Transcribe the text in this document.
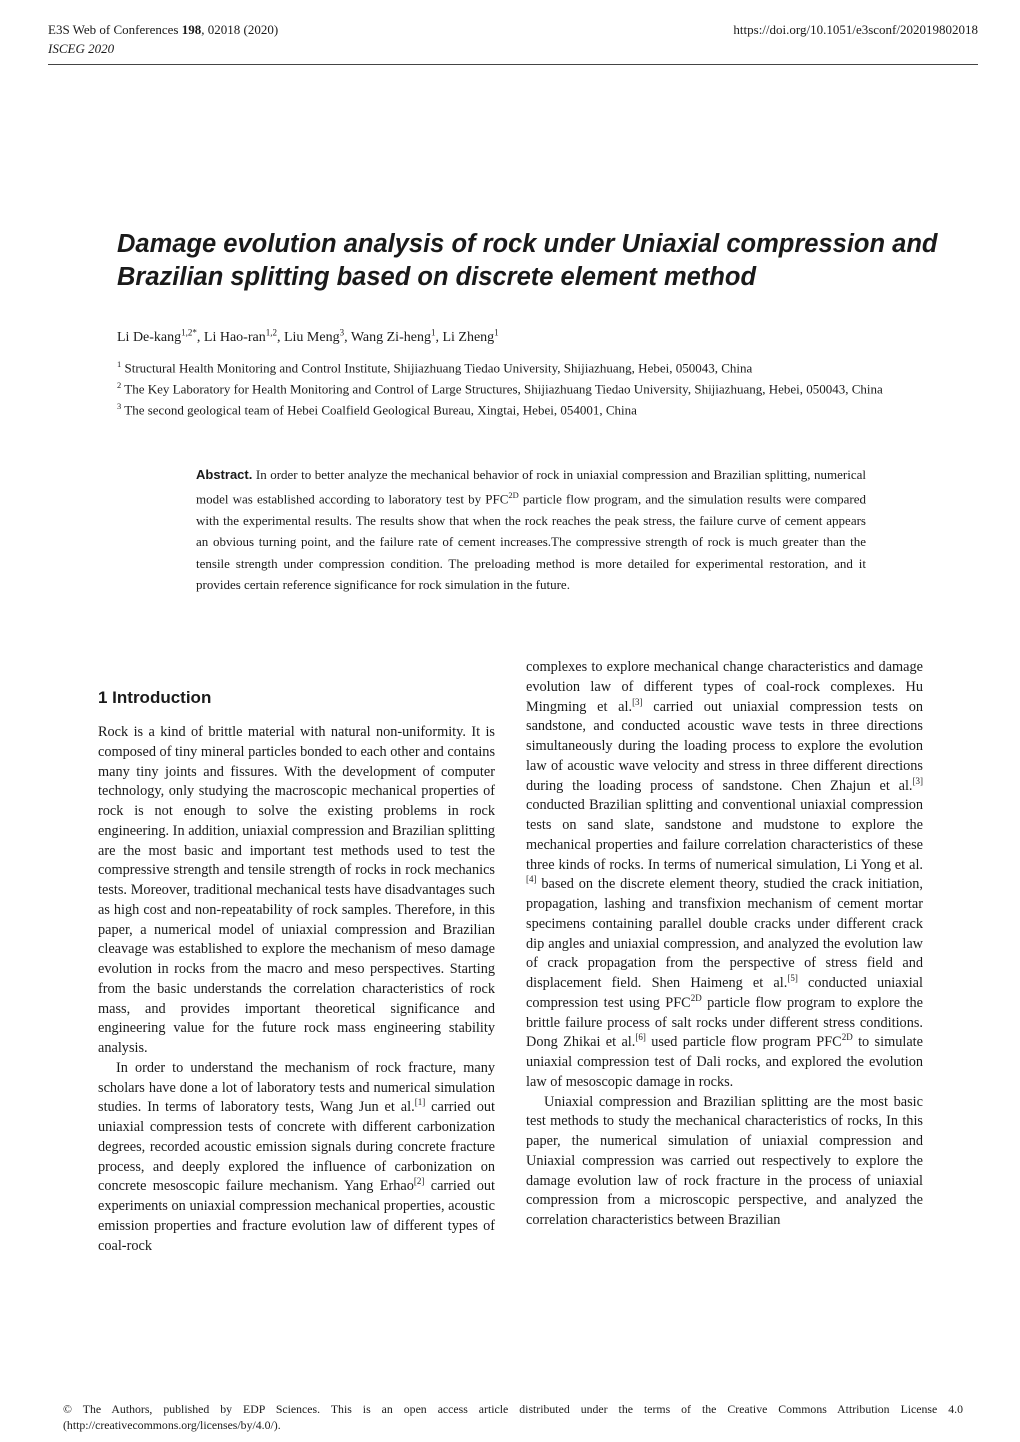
E3S Web of Conferences 198, 02018 (2020)	https://doi.org/10.1051/e3sconf/202019802018
ISCEG 2020
Damage evolution analysis of rock under Uniaxial compression and Brazilian splitting based on discrete element method
Li De-kang$^{1,2*}$, Li Hao-ran$^{1,2}$, Liu Meng$^3$, Wang Zi-heng$^1$, Li Zheng$^1$
$^1$ Structural Health Monitoring and Control Institute, Shijiazhuang Tiedao University, Shijiazhuang, Hebei, 050043, China
$^2$ The Key Laboratory for Health Monitoring and Control of Large Structures, Shijiazhuang Tiedao University, Shijiazhuang, Hebei, 050043, China
$^3$ The second geological team of Hebei Coalfield Geological Bureau, Xingtai, Hebei, 054001, China
Abstract. In order to better analyze the mechanical behavior of rock in uniaxial compression and Brazilian splitting, numerical model was established according to laboratory test by $PFC^{2D}$ particle flow program, and the simulation results were compared with the experimental results. The results show that when the rock reaches the peak stress, the failure curve of cement appears an obvious turning point, and the failure rate of cement increases.The compressive strength of rock is much greater than the tensile strength under compression condition. The preloading method is more detailed for experimental restoration, and it provides certain reference significance for rock simulation in the future.
1 Introduction

Rock is a kind of brittle material with natural non-uniformity. It is composed of tiny mineral particles bonded to each other and contains many tiny joints and fissures. With the development of computer technology, only studying the macroscopic mechanical properties of rock is not enough to solve the existing problems in rock engineering. In addition, uniaxial compression and Brazilian splitting are the most basic and important test methods used to test the compressive strength and tensile strength of rocks in rock mechanics tests. Moreover, traditional mechanical tests have disadvantages such as high cost and non-repeatability of rock samples. Therefore, in this paper, a numerical model of uniaxial compression and Brazilian cleavage was established to explore the mechanism of meso damage evolution in rocks from the macro and meso perspectives. Starting from the basic understands the correlation characteristics of rock mass, and provides important theoretical significance and engineering value for the future rock mass engineering stability analysis.

In order to understand the mechanism of rock fracture, many scholars have done a lot of laboratory tests and numerical simulation studies. In terms of laboratory tests, Wang Jun et al.[1] carried out uniaxial compression tests of concrete with different carbonization degrees, recorded acoustic emission signals during concrete fracture process, and deeply explored the influence of carbonization on concrete mesoscopic failure mechanism. Yang Erhao[2] carried out experiments on uniaxial compression mechanical properties, acoustic emission properties and fracture evolution law of different types of coal-rock

complexes to explore mechanical change characteristics and damage evolution law of different types of coal-rock complexes. Hu Mingming et al.[3] carried out uniaxial compression tests on sandstone, and conducted acoustic wave tests in three directions simultaneously during the loading process to explore the evolution law of acoustic wave velocity and stress in three different directions during the loading process of sandstone. Chen Zhajun et al.[3] conducted Brazilian splitting and conventional uniaxial compression tests on sand slate, sandstone and mudstone to explore the mechanical properties and failure correlation characteristics of these three kinds of rocks. In terms of numerical simulation, Li Yong et al.[4] based on the discrete element theory, studied the crack initiation, propagation, lashing and transfixion mechanism of cement mortar specimens containing parallel double cracks under different crack dip angles and uniaxial compression, and analyzed the evolution law of crack propagation from the perspective of stress field and displacement field. Shen Haimeng et al.[5] conducted uniaxial compression test using $PFC^{2D}$ particle flow program to explore the brittle failure process of salt rocks under different stress conditions. Dong Zhikai et al.[6] used particle flow program $PFC^{2D}$ to simulate uniaxial compression test of Dali rocks, and explored the evolution law of mesoscopic damage in rocks.

Uniaxial compression and Brazilian splitting are the most basic test methods to study the mechanical characteristics of rocks, In this paper, the numerical simulation of uniaxial compression and Uniaxial compression was carried out respectively to explore the damage evolution law of rock fracture in the process of uniaxial compression from a microscopic perspective, and analyzed the correlation characteristics between Brazilian

© The Authors, published by EDP Sciences. This is an open access article distributed under the terms of the Creative Commons Attribution License 4.0 (http://creativecommons.org/licenses/by/4.0/).
